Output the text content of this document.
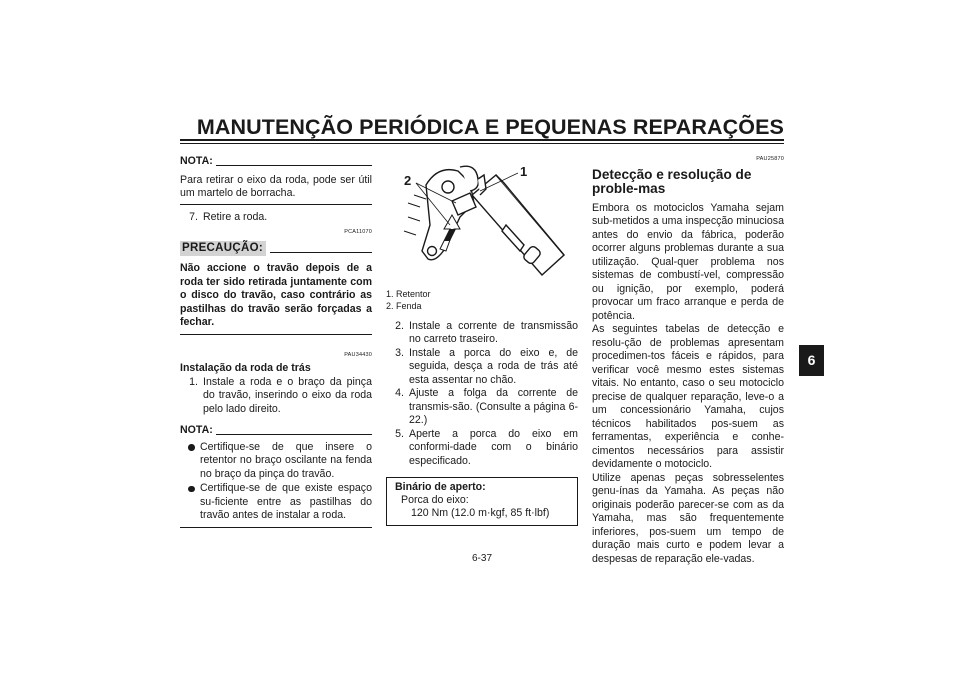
MANUTENÇÃO PERIÓDICA E PEQUENAS REPARAÇÕES
6
NOTA:
Para retirar o eixo da roda, pode ser útil um martelo de borracha.
7. Retire a roda.
PCA11070
PRECAUÇÃO:
Não accione o travão depois de a roda ter sido retirada juntamente com o disco do travão, caso contrário as pastilhas do travão serão forçadas a fechar.
PAU34430
Instalação da roda de trás
1. Instale a roda e o braço da pinça do travão, inserindo o eixo da roda pelo lado direito.
NOTA:
Certifique-se de que insere o retentor no braço oscilante na fenda no braço da pinça do travão.
Certifique-se de que existe espaço su-ficiente entre as pastilhas do travão antes de instalar a roda.
2
1
1. Retentor
2. Fenda
2. Instale a corrente de transmissão no carreto traseiro.
3. Instale a porca do eixo e, de seguida, desça a roda de trás até esta assentar no chão.
4. Ajuste a folga da corrente de transmis-são. (Consulte a página 6-22.)
5. Aperte a porca do eixo em conformi-dade com o binário especificado.
Binário de aperto:
Porca do eixo:
120 Nm (12.0 m·kgf, 85 ft·lbf)
PAU25870
Detecção e resolução de proble-mas
Embora os motociclos Yamaha sejam sub-metidos a uma inspecção minuciosa antes do envio da fábrica, poderão ocorrer alguns problemas durante a sua utilização. Qual-quer problema nos sistemas de combustí-vel, compressão ou ignição, por exemplo, poderá provocar um fraco arranque e perda de potência.
As seguintes tabelas de detecção e resolu-ção de problemas apresentam procedimen-tos fáceis e rápidos, para verificar você mesmo estes sistemas vitais. No entanto, caso o seu motociclo precise de qualquer reparação, leve-o a um concessionário Yamaha, cujos técnicos habilitados pos-suem as ferramentas, experiência e conhe-cimentos necessários para assistir devidamente o motociclo.
Utilize apenas peças sobresselentes genu-ínas da Yamaha. As peças não originais poderão parecer-se com as da Yamaha, mas são frequentemente inferiores, pos-suem um tempo de duração mais curto e podem levar a despesas de reparação ele-vadas.
6-37
